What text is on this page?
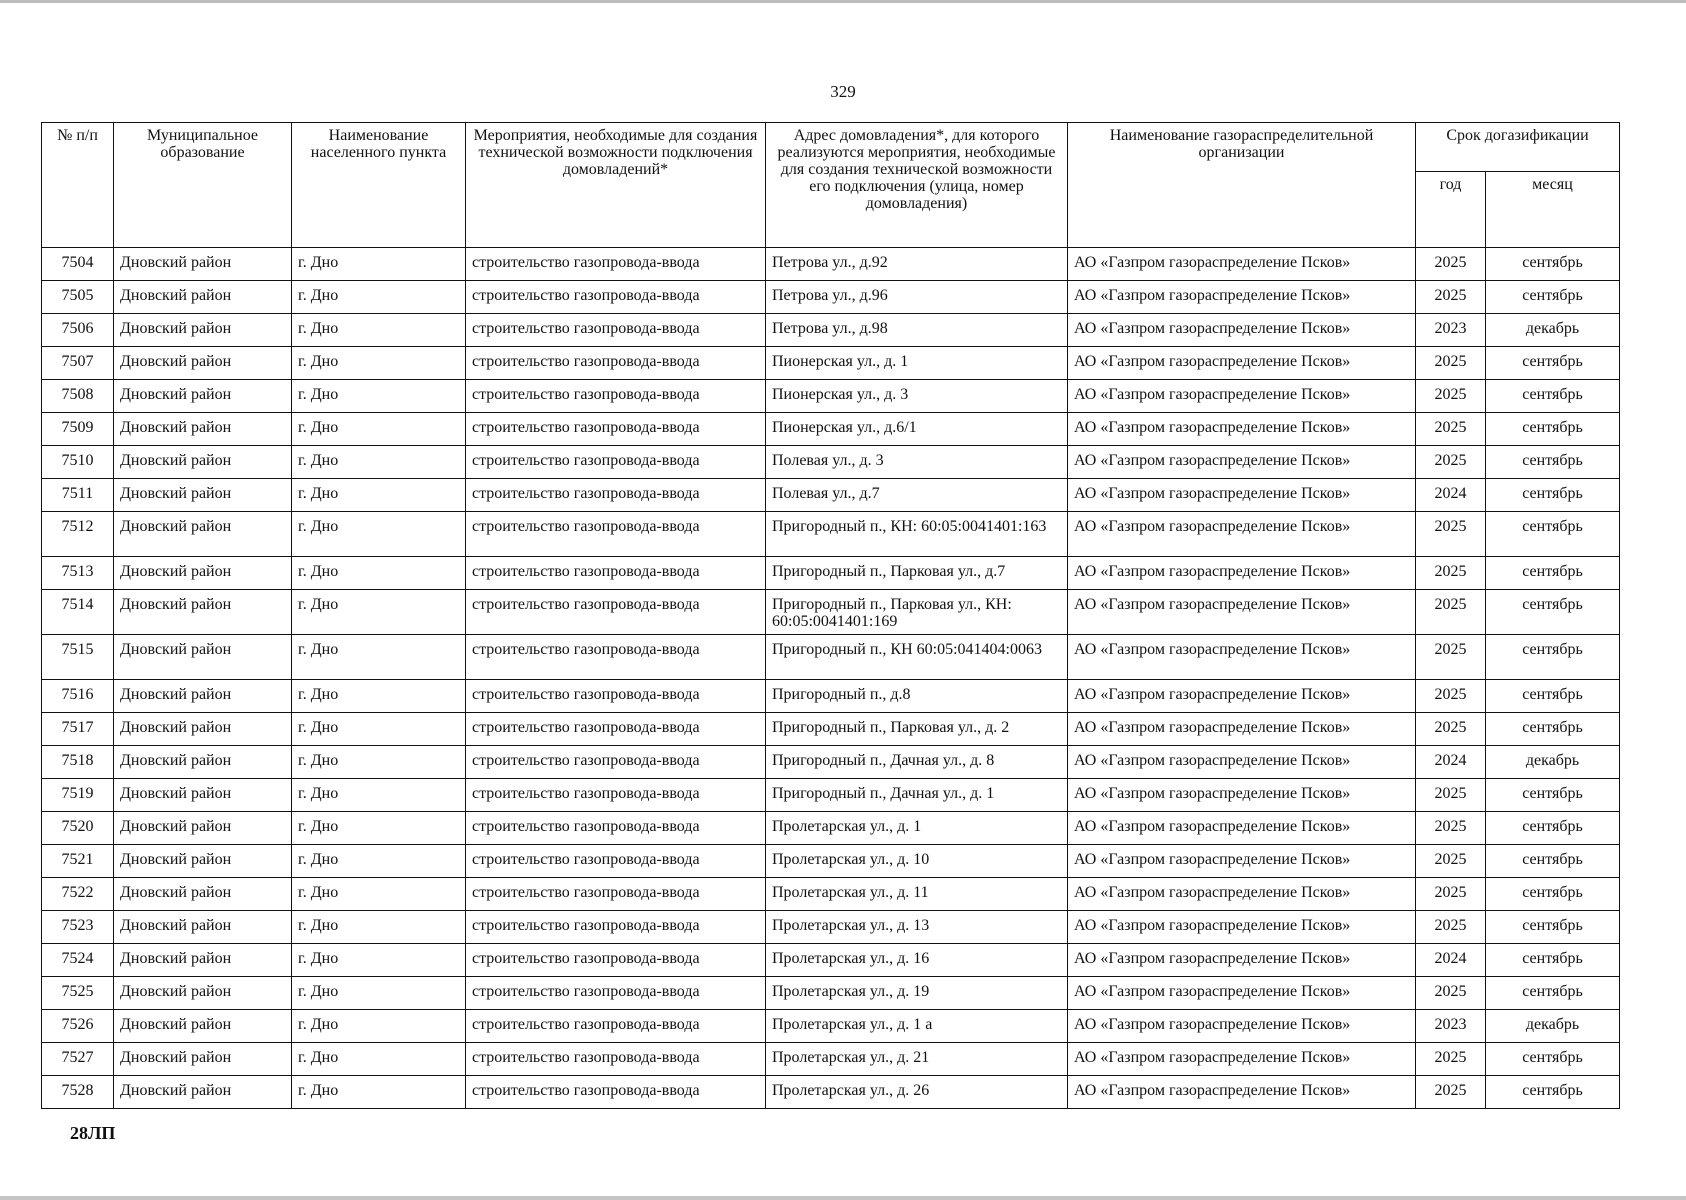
329
№ п/п	Муниципальное образование	Наименование населенного пункта	Мероприятия, необходимые для создания технической возможности подключения домовладений*	Адрес домовладения*, для которого реализуются мероприятия, необходимые для создания технической возможности его подключения (улица, номер домовладения)	Наименование газораспределительной организации	Срок догазификации	
						год	месяц
7504	Дновский район	г. Дно	строительство газопровода-ввода	Петрова ул., д.92	АО «Газпром газораспределение Псков»	2025	сентябрь
7505	Дновский район	г. Дно	строительство газопровода-ввода	Петрова ул., д.96	АО «Газпром газораспределение Псков»	2025	сентябрь
7506	Дновский район	г. Дно	строительство газопровода-ввода	Петрова ул., д.98	АО «Газпром газораспределение Псков»	2023	декабрь
7507	Дновский район	г. Дно	строительство газопровода-ввода	Пионерская ул., д. 1	АО «Газпром газораспределение Псков»	2025	сентябрь
7508	Дновский район	г. Дно	строительство газопровода-ввода	Пионерская ул., д. 3	АО «Газпром газораспределение Псков»	2025	сентябрь
7509	Дновский район	г. Дно	строительство газопровода-ввода	Пионерская ул., д.6/1	АО «Газпром газораспределение Псков»	2025	сентябрь
7510	Дновский район	г. Дно	строительство газопровода-ввода	Полевая ул., д. 3	АО «Газпром газораспределение Псков»	2025	сентябрь
7511	Дновский район	г. Дно	строительство газопровода-ввода	Полевая ул., д.7	АО «Газпром газораспределение Псков»	2024	сентябрь
7512	Дновский район	г. Дно	строительство газопровода-ввода	Пригородный п., КН: 60:05:0041401:163	АО «Газпром газораспределение Псков»	2025	сентябрь
7513	Дновский район	г. Дно	строительство газопровода-ввода	Пригородный п., Парковая ул., д.7	АО «Газпром газораспределение Псков»	2025	сентябрь
7514	Дновский район	г. Дно	строительство газопровода-ввода	Пригородный п., Парковая ул., КН: 60:05:0041401:169	АО «Газпром газораспределение Псков»	2025	сентябрь
7515	Дновский район	г. Дно	строительство газопровода-ввода	Пригородный п., КН 60:05:041404:0063	АО «Газпром газораспределение Псков»	2025	сентябрь
7516	Дновский район	г. Дно	строительство газопровода-ввода	Пригородный п., д.8	АО «Газпром газораспределение Псков»	2025	сентябрь
7517	Дновский район	г. Дно	строительство газопровода-ввода	Пригородный п., Парковая ул., д. 2	АО «Газпром газораспределение Псков»	2025	сентябрь
7518	Дновский район	г. Дно	строительство газопровода-ввода	Пригородный п., Дачная ул., д. 8	АО «Газпром газораспределение Псков»	2024	декабрь
7519	Дновский район	г. Дно	строительство газопровода-ввода	Пригородный п., Дачная ул., д. 1	АО «Газпром газораспределение Псков»	2025	сентябрь
7520	Дновский район	г. Дно	строительство газопровода-ввода	Пролетарская ул., д. 1	АО «Газпром газораспределение Псков»	2025	сентябрь
7521	Дновский район	г. Дно	строительство газопровода-ввода	Пролетарская ул., д. 10	АО «Газпром газораспределение Псков»	2025	сентябрь
7522	Дновский район	г. Дно	строительство газопровода-ввода	Пролетарская ул., д. 11	АО «Газпром газораспределение Псков»	2025	сентябрь
7523	Дновский район	г. Дно	строительство газопровода-ввода	Пролетарская ул., д. 13	АО «Газпром газораспределение Псков»	2025	сентябрь
7524	Дновский район	г. Дно	строительство газопровода-ввода	Пролетарская ул., д. 16	АО «Газпром газораспределение Псков»	2024	сентябрь
7525	Дновский район	г. Дно	строительство газопровода-ввода	Пролетарская ул., д. 19	АО «Газпром газораспределение Псков»	2025	сентябрь
7526	Дновский район	г. Дно	строительство газопровода-ввода	Пролетарская ул., д. 1 а	АО «Газпром газораспределение Псков»	2023	декабрь
7527	Дновский район	г. Дно	строительство газопровода-ввода	Пролетарская ул., д. 21	АО «Газпром газораспределение Псков»	2025	сентябрь
7528	Дновский район	г. Дно	строительство газопровода-ввода	Пролетарская ул., д. 26	АО «Газпром газораспределение Псков»	2025	сентябрь
28ЛП
